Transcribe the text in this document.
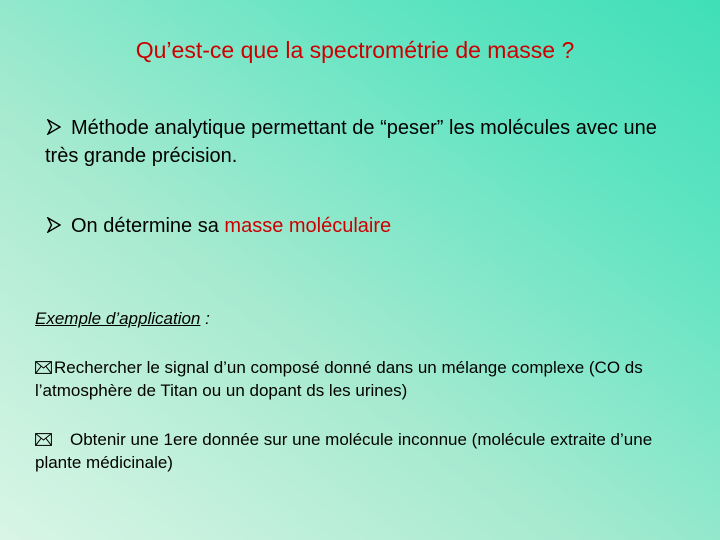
Qu’est-ce que la spectrométrie de masse ?
Méthode analytique permettant de “peser” les molécules avec une très grande précision.
On détermine sa masse moléculaire
Exemple d’application :
Rechercher le signal d’un composé donné dans un mélange complexe (CO ds l’atmosphère de Titan ou un dopant ds les urines)
Obtenir une 1ere donnée sur une molécule inconnue (molécule extraite d’une plante médicinale)
